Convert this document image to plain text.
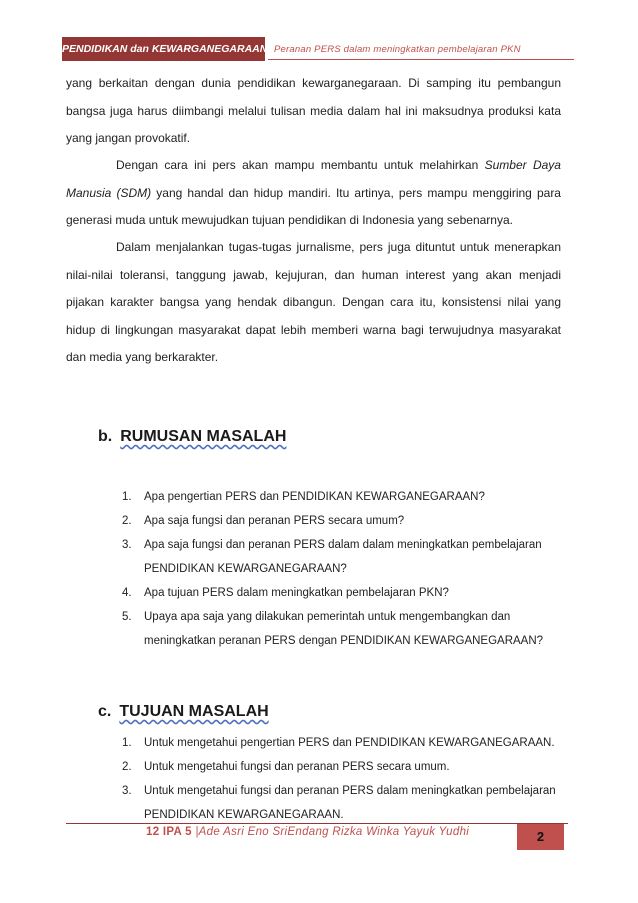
PENDIDIKAN dan KEWARGANEGARAAN Peranan PERS dalam meningkatkan pembelajaran PKN

yang berkaitan dengan dunia pendidikan kewarganegaraan. Di samping itu pembangun bangsa juga harus diimbangi melalui tulisan media dalam hal ini maksudnya produksi kata yang jangan provokatif.

Dengan cara ini pers akan mampu membantu untuk melahirkan Sumber Daya Manusia (SDM) yang handal dan hidup mandiri. Itu artinya, pers mampu menggiring para generasi muda untuk mewujudkan tujuan pendidikan di Indonesia yang sebenarnya.

Dalam menjalankan tugas-tugas jurnalisme, pers juga dituntut untuk menerapkan nilai-nilai toleransi, tanggung jawab, kejujuran, dan human interest yang akan menjadi pijakan karakter bangsa yang hendak dibangun. Dengan cara itu, konsistensi nilai yang hidup di lingkungan masyarakat dapat lebih memberi warna bagi terwujudnya masyarakat dan media yang berkarakter.

b. RUMUSAN MASALAH
1. Apa pengertian PERS dan PENDIDIKAN KEWARGANEGARAAN?
2. Apa saja fungsi dan peranan PERS secara umum?
3. Apa saja fungsi dan peranan PERS dalam dalam meningkatkan pembelajaran PENDIDIKAN KEWARGANEGARAAN?
4. Apa tujuan PERS dalam meningkatkan pembelajaran PKN?
5. Upaya apa saja yang dilakukan pemerintah untuk mengembangkan dan meningkatkan peranan PERS dengan PENDIDIKAN KEWARGANEGARAAN?
c. TUJUAN MASALAH
1. Untuk mengetahui pengertian PERS dan PENDIDIKAN KEWARGANEGARAAN.
2. Untuk mengetahui fungsi dan peranan PERS secara umum.
3. Untuk mengetahui fungsi dan peranan PERS dalam meningkatkan pembelajaran PENDIDIKAN KEWARGANEGARAAN.
12 IPA 5 |Ade Asri Eno SriEndang Rizka Winka Yayuk Yudhi	2
